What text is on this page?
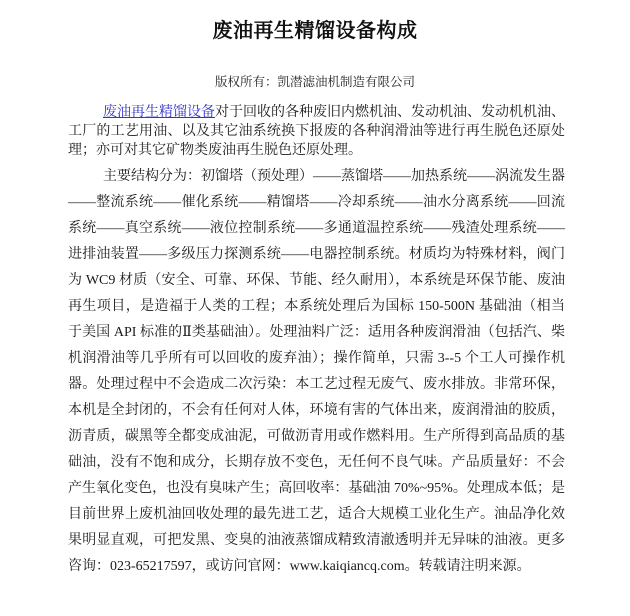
废油再生精馏设备构成
版权所有：凯潜滤油机制造有限公司

废油再生精馏设备对于回收的各种废旧内燃机油、发动机油、发动机机油、工厂的工艺用油、以及其它油系统换下报废的各种润滑油等进行再生脱色还原处理；亦可对其它矿物类废油再生脱色还原处理。

主要结构分为：初馏塔（预处理）——蒸馏塔——加热系统——涡流发生器——整流系统——催化系统——精馏塔——冷却系统——油水分离系统——回流系统——真空系统——液位控制系统——多通道温控系统——残渣处理系统——进排油装置——多级压力探测系统——电器控制系统。材质均为特殊材料，阀门为 WC9 材质（安全、可靠、环保、节能、经久耐用），本系统是环保节能、废油再生项目，是造福于人类的工程；本系统处理后为国标 150-500N 基础油（相当于美国 API 标准的Ⅱ类基础油）。处理油料广泛：适用各种废润滑油（包括汽、柴机润滑油等几乎所有可以回收的废弃油）；操作简单，只需 3--5 个工人可操作机器。处理过程中不会造成二次污染：本工艺过程无废气、废水排放。非常环保，本机是全封闭的，不会有任何对人体，环境有害的气体出来，废润滑油的胶质，沥青质，碳黑等全都变成油泥，可做沥青用或作燃料用。生产所得到高品质的基础油，没有不饱和成分，长期存放不变色，无任何不良气味。产品质量好：不会产生氧化变色，也没有臭味产生；高回收率：基础油 70%~95%。处理成本低；是目前世界上废机油回收处理的最先进工艺，适合大规模工业化生产。油品净化效果明显直观，可把发黑、变臭的油液蒸馏成精致清澈透明并无异味的油液。更多咨询：023-65217597，或访问官网：www.kaiqiancq.com。转载请注明来源。
